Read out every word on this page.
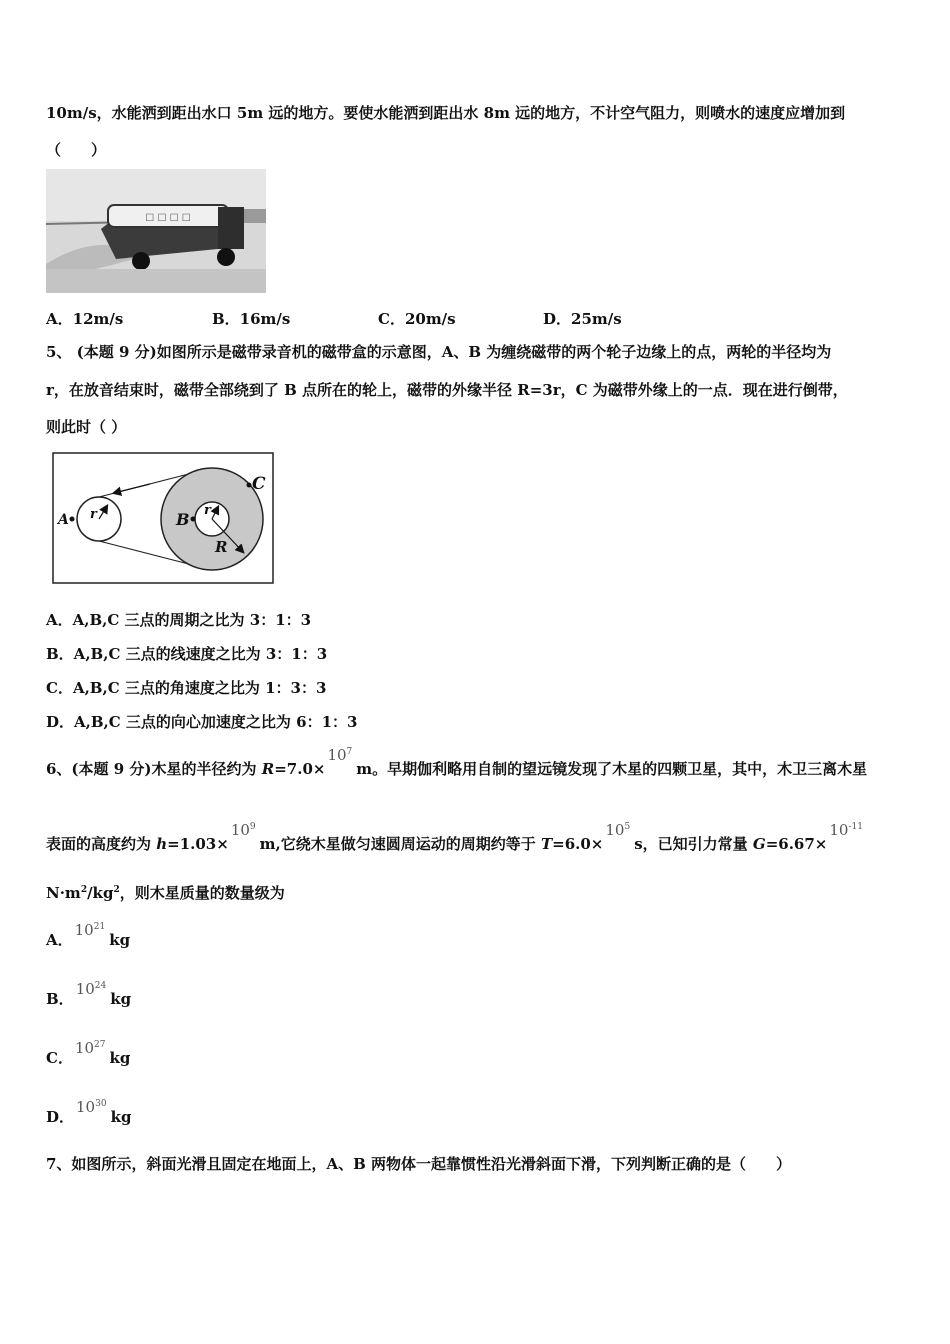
10m/s，水能洒到距出水口 5m 远的地方。要使水能洒到距出水 8m 远的地方，不计空气阻力，则喷水的速度应增加到
（　　）
☐ ☐ ☐ ☐
A．12m/s	B．16m/s	C．20m/s	D．25m/s
5、 (本题 9 分)如图所示是磁带录音机的磁带盒的示意图，A、B 为缠绕磁带的两个轮子边缘上的点，两轮的半径均为
r，在放音结束时，磁带全部绕到了 B 点所在的轮上，磁带的外缘半径 R=3r，C 为磁带外缘上的一点．现在进行倒带，
则此时（ ）
A r	B r
R
C
A．A,B,C 三点的周期之比为 3：1：3
B．A,B,C 三点的线速度之比为 3：1：3
C．A,B,C 三点的角速度之比为 1：3：3
D．A,B,C 三点的向心加速度之比为 6：1：3
6、(本题 9 分)木星的半径约为 $R=7.0\times 10^7m$。早期伽利略用自制的望远镜发现了木星的四颗卫星，其中，木卫三离木星
表面的高度约为 $h=1.03\times 10^9m$,它绕木星做匀速圆周运动的周期约等于 $T=6.0\times 10^5s$，已知引力常量 $G=6.67\times 10^{-11}$
$N\cdot m^2/kg^2$，则木星质量的数量级为
A．$10^{21}kg$
B．$10^{24}kg$
C．$10^{27}kg$
D．$10^{30}kg$
7、如图所示，斜面光滑且固定在地面上，A、B 两物体一起靠惯性沿光滑斜面下滑，下列判断正确的是（　　）
